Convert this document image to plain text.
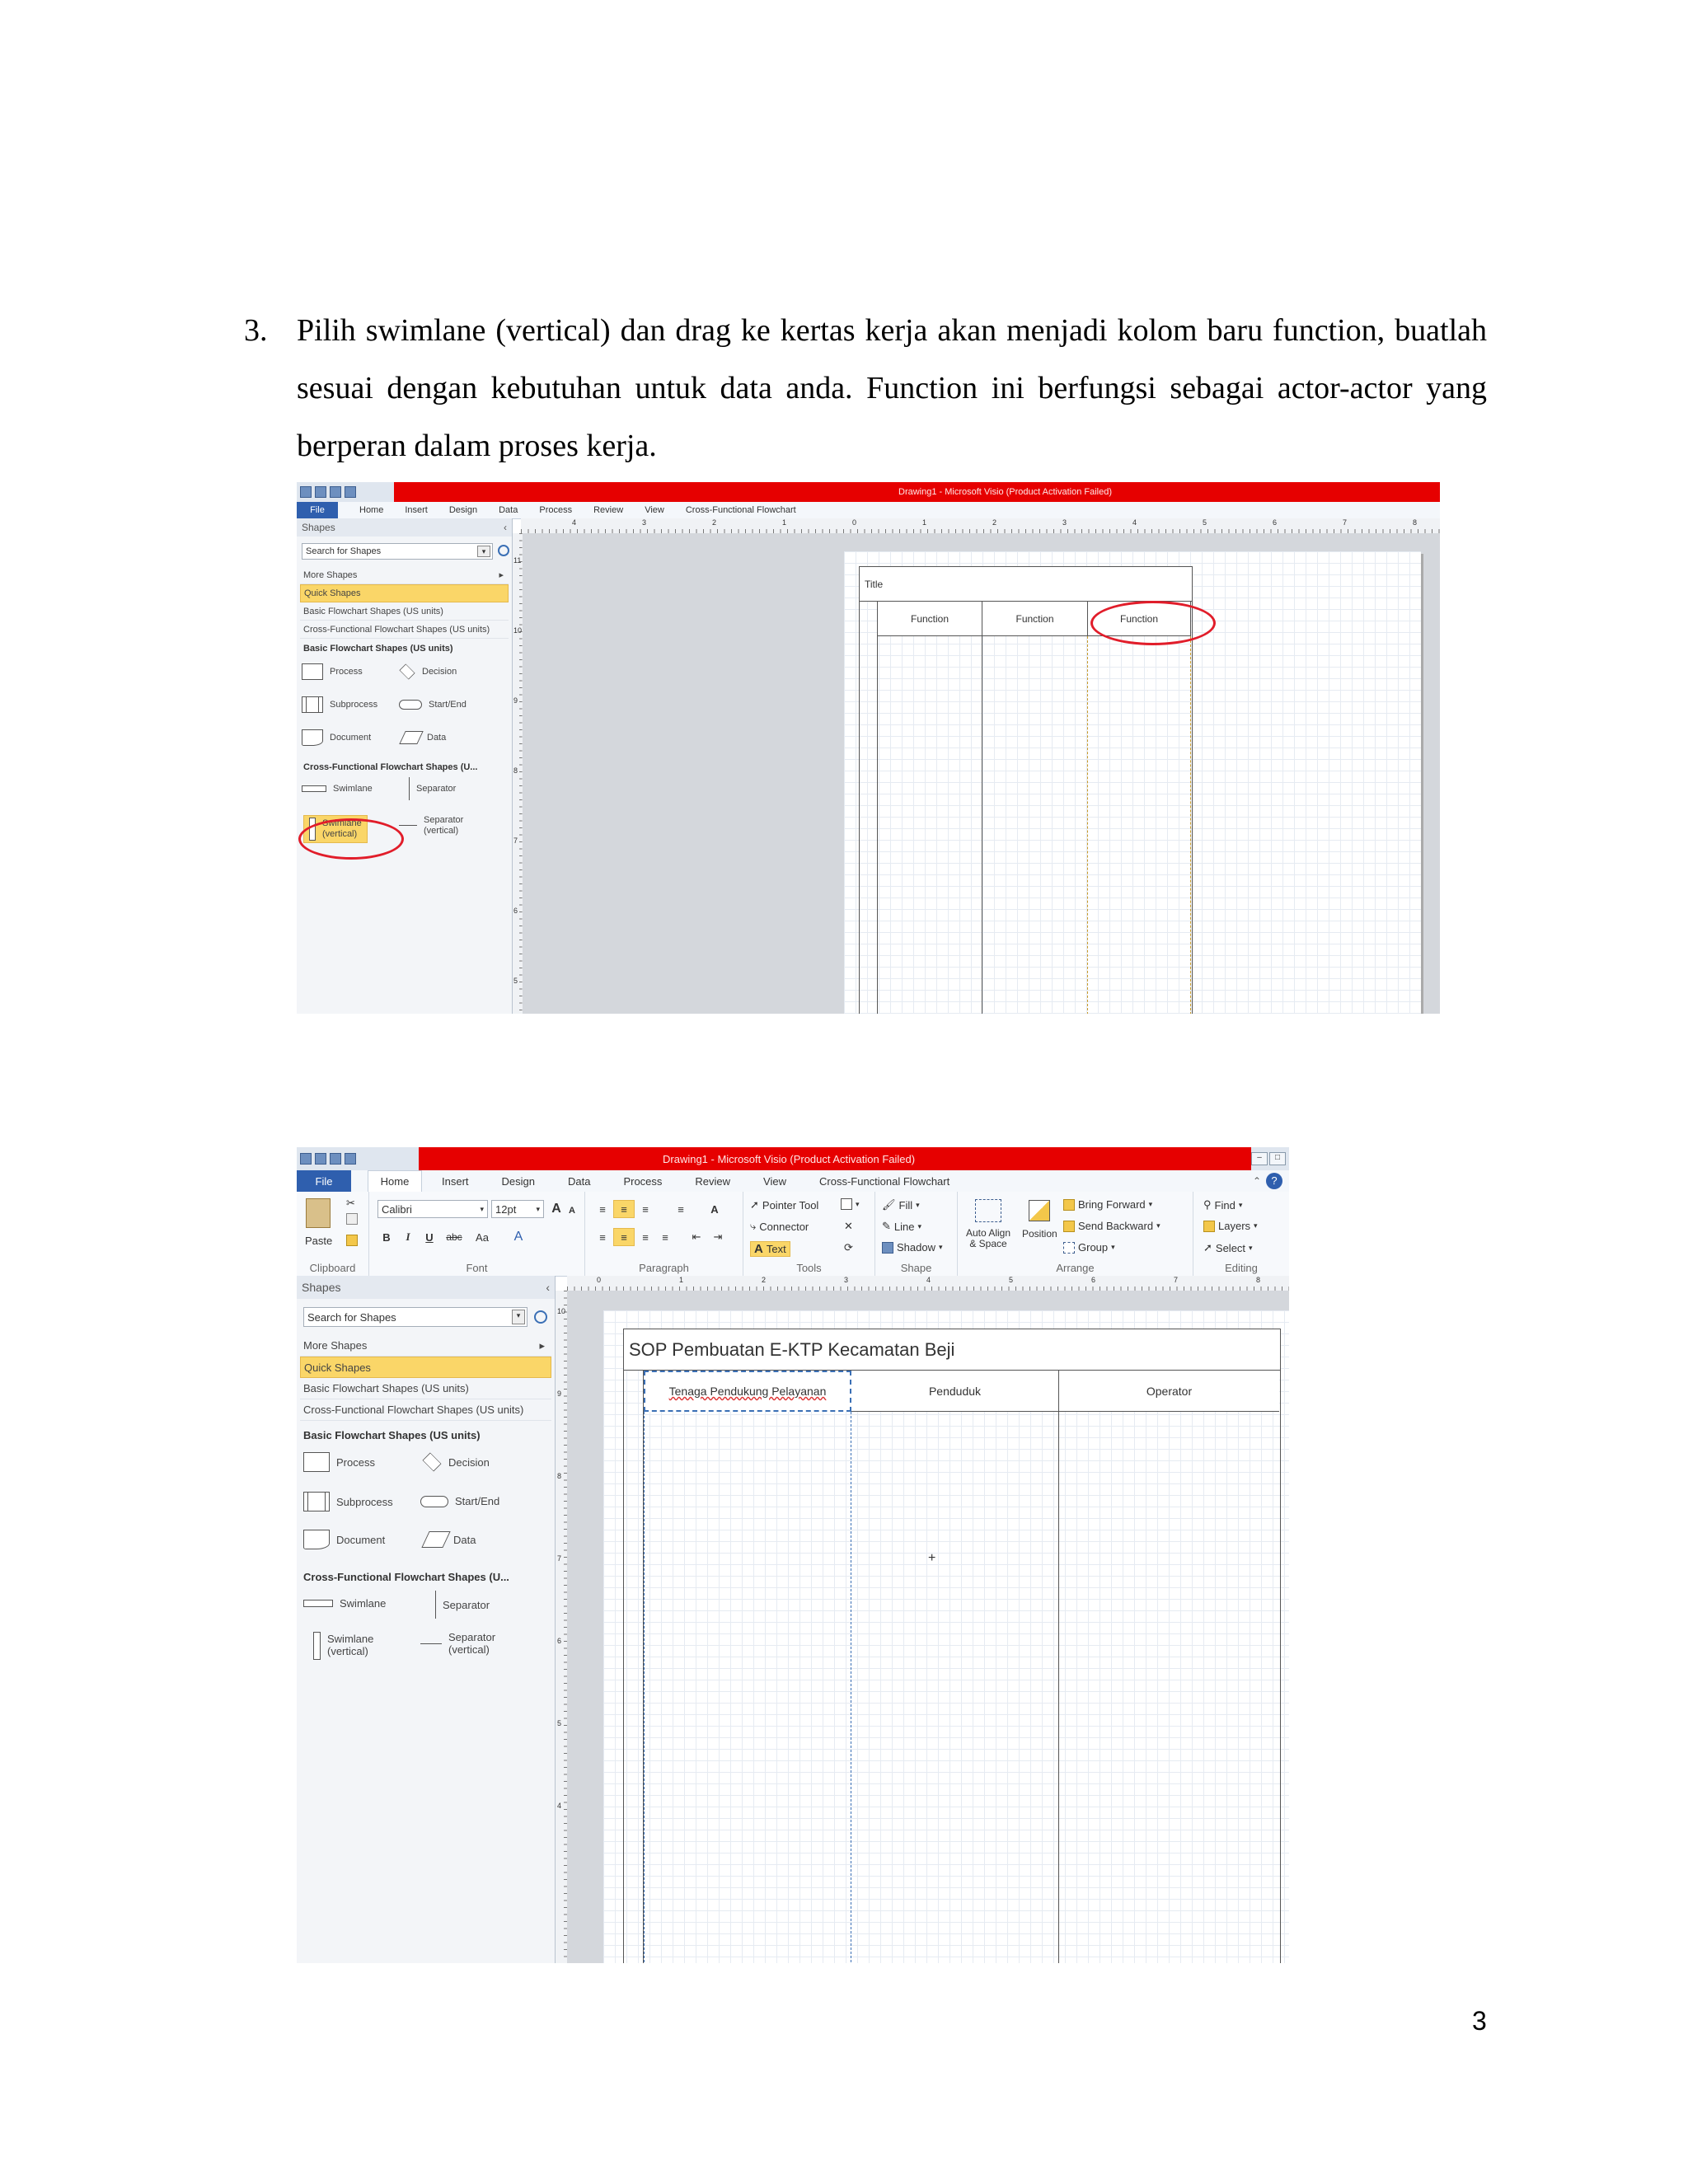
3. Pilih swimlane (vertical) dan drag ke kertas kerja akan menjadi kolom baru function, buatlah sesuai dengan kebutuhan untuk data anda. Function ini berfungsi sebagai actor-actor yang berperan dalam proses kerja.
Drawing1 - Microsoft Visio (Product Activation Failed)
File	Home Insert Design Data Process Review View Cross-Functional Flowchart
Shapes	‹
Search for Shapes	▾
More Shapes	▸
Quick Shapes
Basic Flowchart Shapes (US units)
Cross-Functional Flowchart Shapes (US units)
Basic Flowchart Shapes (US units)
Process	Decision
Subprocess	Start/End
Document	Data
Cross-Functional Flowchart Shapes (U...
Swimlane	Separator
Swimlane
(vertical)
Separator
(vertical)
4	3	2	1	0	1	2	3	4	5	6	7	8
11
10
9
8
7
6
5
Title
Function	Function	Function
Drawing1 - Microsoft Visio (Product Activation Failed)	–	□
File	Home	Insert	Design	Data	Process	Review	View	Cross-Functional Flowchart	⌃ ?
Paste
✂
Clipboard
Calibri	▾ 12pt	▾ A A
B	I	U	abc	Aa	A
Font
≡ ≡ ≡	≡	A
≡ ≡ ≡ ≡ ⇤ ⇥
Paragraph
➚ Pointer Tool
⤷ Connector
A Text
▾
✕
⟳
Tools
🖌 Fill ▾
✎ Line ▾
Shadow ▾
Shape
Auto Align
& Space
Position
Bring Forward ▾
Send Backward ▾
Group ▾
Arrange
⚲ Find ▾
Layers ▾
➚ Select ▾
Editing
Shapes	‹
Search for Shapes	▾
More Shapes	▸
Quick Shapes
Basic Flowchart Shapes (US units)
Cross-Functional Flowchart Shapes (US units)
Basic Flowchart Shapes (US units)
Process	Decision
Subprocess	Start/End
Document	Data
Cross-Functional Flowchart Shapes (U...
Swimlane	Separator
Swimlane
(vertical)
Separator
(vertical)
0	1	2	3	4	5	6	7	8
10
9
8
7
6
5
4
SOP Pembuatan E-KTP Kecamatan Beji
Tenaga Pendukung Pelayanan	Penduduk	Operator
+
3
